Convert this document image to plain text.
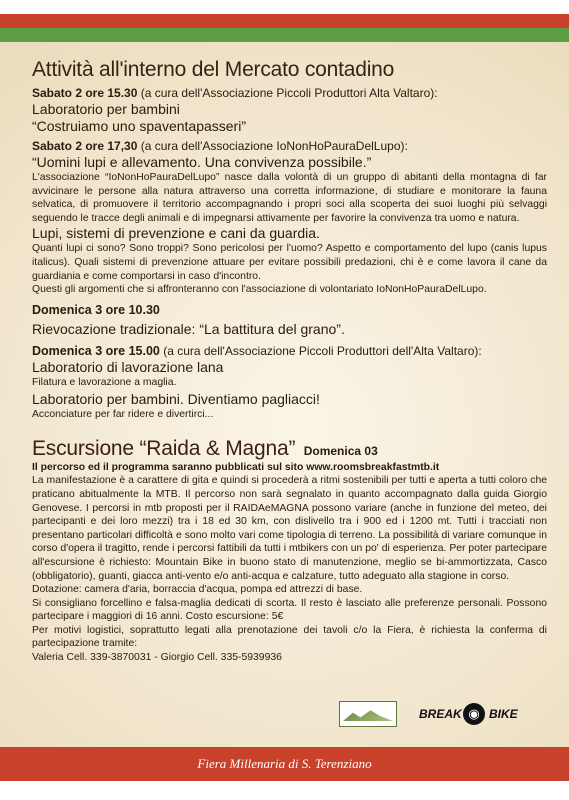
Attività all'interno del Mercato contadino
Sabato 2 ore 15.30 (a cura dell'Associazione Piccoli Produttori Alta Valtaro):
Laboratorio per bambini
“Costruiamo uno spaventapasseri”
Sabato 2 ore 17,30 (a cura dell'Associazione IoNonHoPauraDelLupo):
“Uomini lupi e allevamento. Una convivenza possibile.”
L'associazione “IoNonHoPauraDelLupo” nasce dalla volontà di un gruppo di abitanti della montagna di far avvicinare le persone alla natura attraverso una corretta informazione, di studiare e monitorare la fauna selvatica, di promuovere il territorio accompagnando i propri soci alla scoperta dei suoi luoghi più selvaggi seguendo le tracce degli animali e di impegnarsi attivamente per favorire la convivenza tra uomo e natura.
Lupi, sistemi di prevenzione e cani da guardia.
Quanti lupi ci sono? Sono troppi? Sono pericolosi per l'uomo? Aspetto e comportamento del lupo (canis lupus italicus). Quali sistemi di prevenzione attuare per evitare possibili predazioni, chi è e come lavora il cane da guardiania e come comportarsi in caso d'incontro.
Questi gli argomenti che si affronteranno con l'associazione di volontariato IoNonHoPauraDelLupo.
Domenica 3 ore 10.30
Rievocazione tradizionale: “La battitura del grano”.
Domenica 3 ore 15.00 (a cura dell'Associazione Piccoli Produttori dell'Alta Valtaro):
Laboratorio di lavorazione lana
Filatura e lavorazione a maglia.
Laboratorio per bambini. Diventiamo pagliacci!
Acconciature per far ridere e divertirci...
Escursione “Raida & Magna” Domenica 03
Il percorso ed il programma saranno pubblicati sul sito www.roomsbreakfastmtb.it
La manifestazione è a carattere di gita e quindi si procederà a ritmi sostenibili per tutti e aperta a tutti coloro che praticano abitualmente la MTB. Il percorso non sarà segnalato in quanto accompagnato dalla guida Giorgio Genovese. I percorsi in mtb proposti per il RAIDAeMAGNA possono variare (anche in funzione del meteo, dei partecipanti e dei loro mezzi) tra i 18 ed 30 km, con dislivello tra i 900 ed i 1200 mt. Tutti i tracciati non presentano particolari difficoltà e sono molto vari come tipologia di terreno. La possibilità di variare comunque in corso d'opera il tragitto, rende i percorsi fattibili da tutti i mtbikers con un po' di esperienza. Per poter partecipare all'escursione è richiesto: Mountain Bike in buono stato di manutenzione, meglio se bi-ammortizzata, Casco (obbligatorio), guanti, giacca anti-vento e/o anti-acqua e calzature, tutto adeguato alla stagione in corso.
Dotazione: camera d'aria, borraccia d'acqua, pompa ed attrezzi di base.
Si consigliano forcellino e falsa-maglia dedicati di scorta. Il resto è lasciato alle preferenze personali. Possono partecipare i maggiori di 16 anni. Costo escursione: 5€
Per motivi logistici, soprattutto legati alla prenotazione dei tavoli c/o la Fiera, è richiesta la conferma di partecipazione tramite:
Valeria Cell. 339-3870031 - Giorgio Cell. 335-5939936
BREAK ◉ BIKE
Fiera Millenaria di S. Terenziano
